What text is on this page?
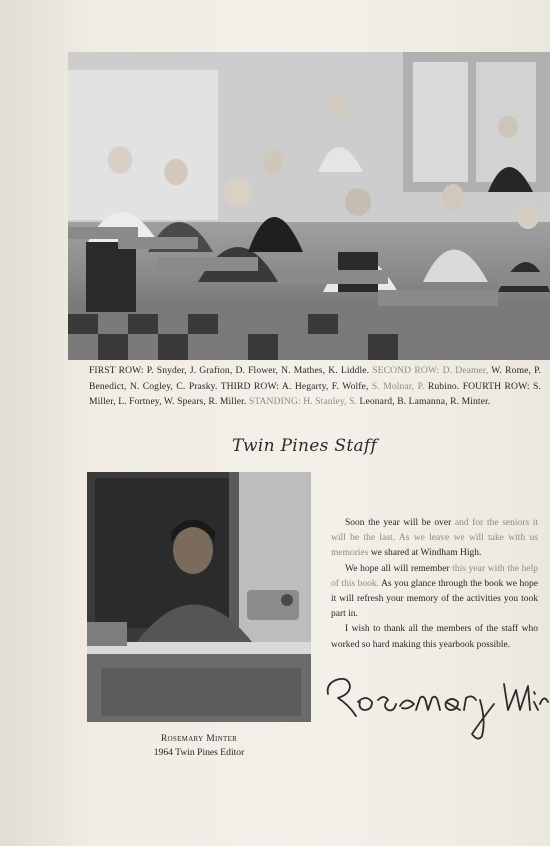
FIRST ROW: P. Snyder, J. Grafton, D. Flower, N. Mathes, K. Liddle. SECOND ROW: D. Deamer, W. Rome, P. Benedict, N. Cogley, C. Prasky. THIRD ROW: A. Hegarty, F. Wolfe, S. Molnar, P. Rubino. FOURTH ROW: S. Miller, L. Fortney, W. Spears, R. Miller. STANDING: H. Stanley, S. Leonard, B. Lamanna, R. Minter.
Twin Pines Staff
Rosemary Minter
1964 Twin Pines Editor

Soon the year will be over and for the seniors it will be the last. As we leave we will take with us memories we shared at Windham High.

We hope all will remember this year with the help of this book. As you glance through the book we hope it will refresh your memory of the activities you took part in.

I wish to thank all the members of the staff who worked so hard making this yearbook possible.
